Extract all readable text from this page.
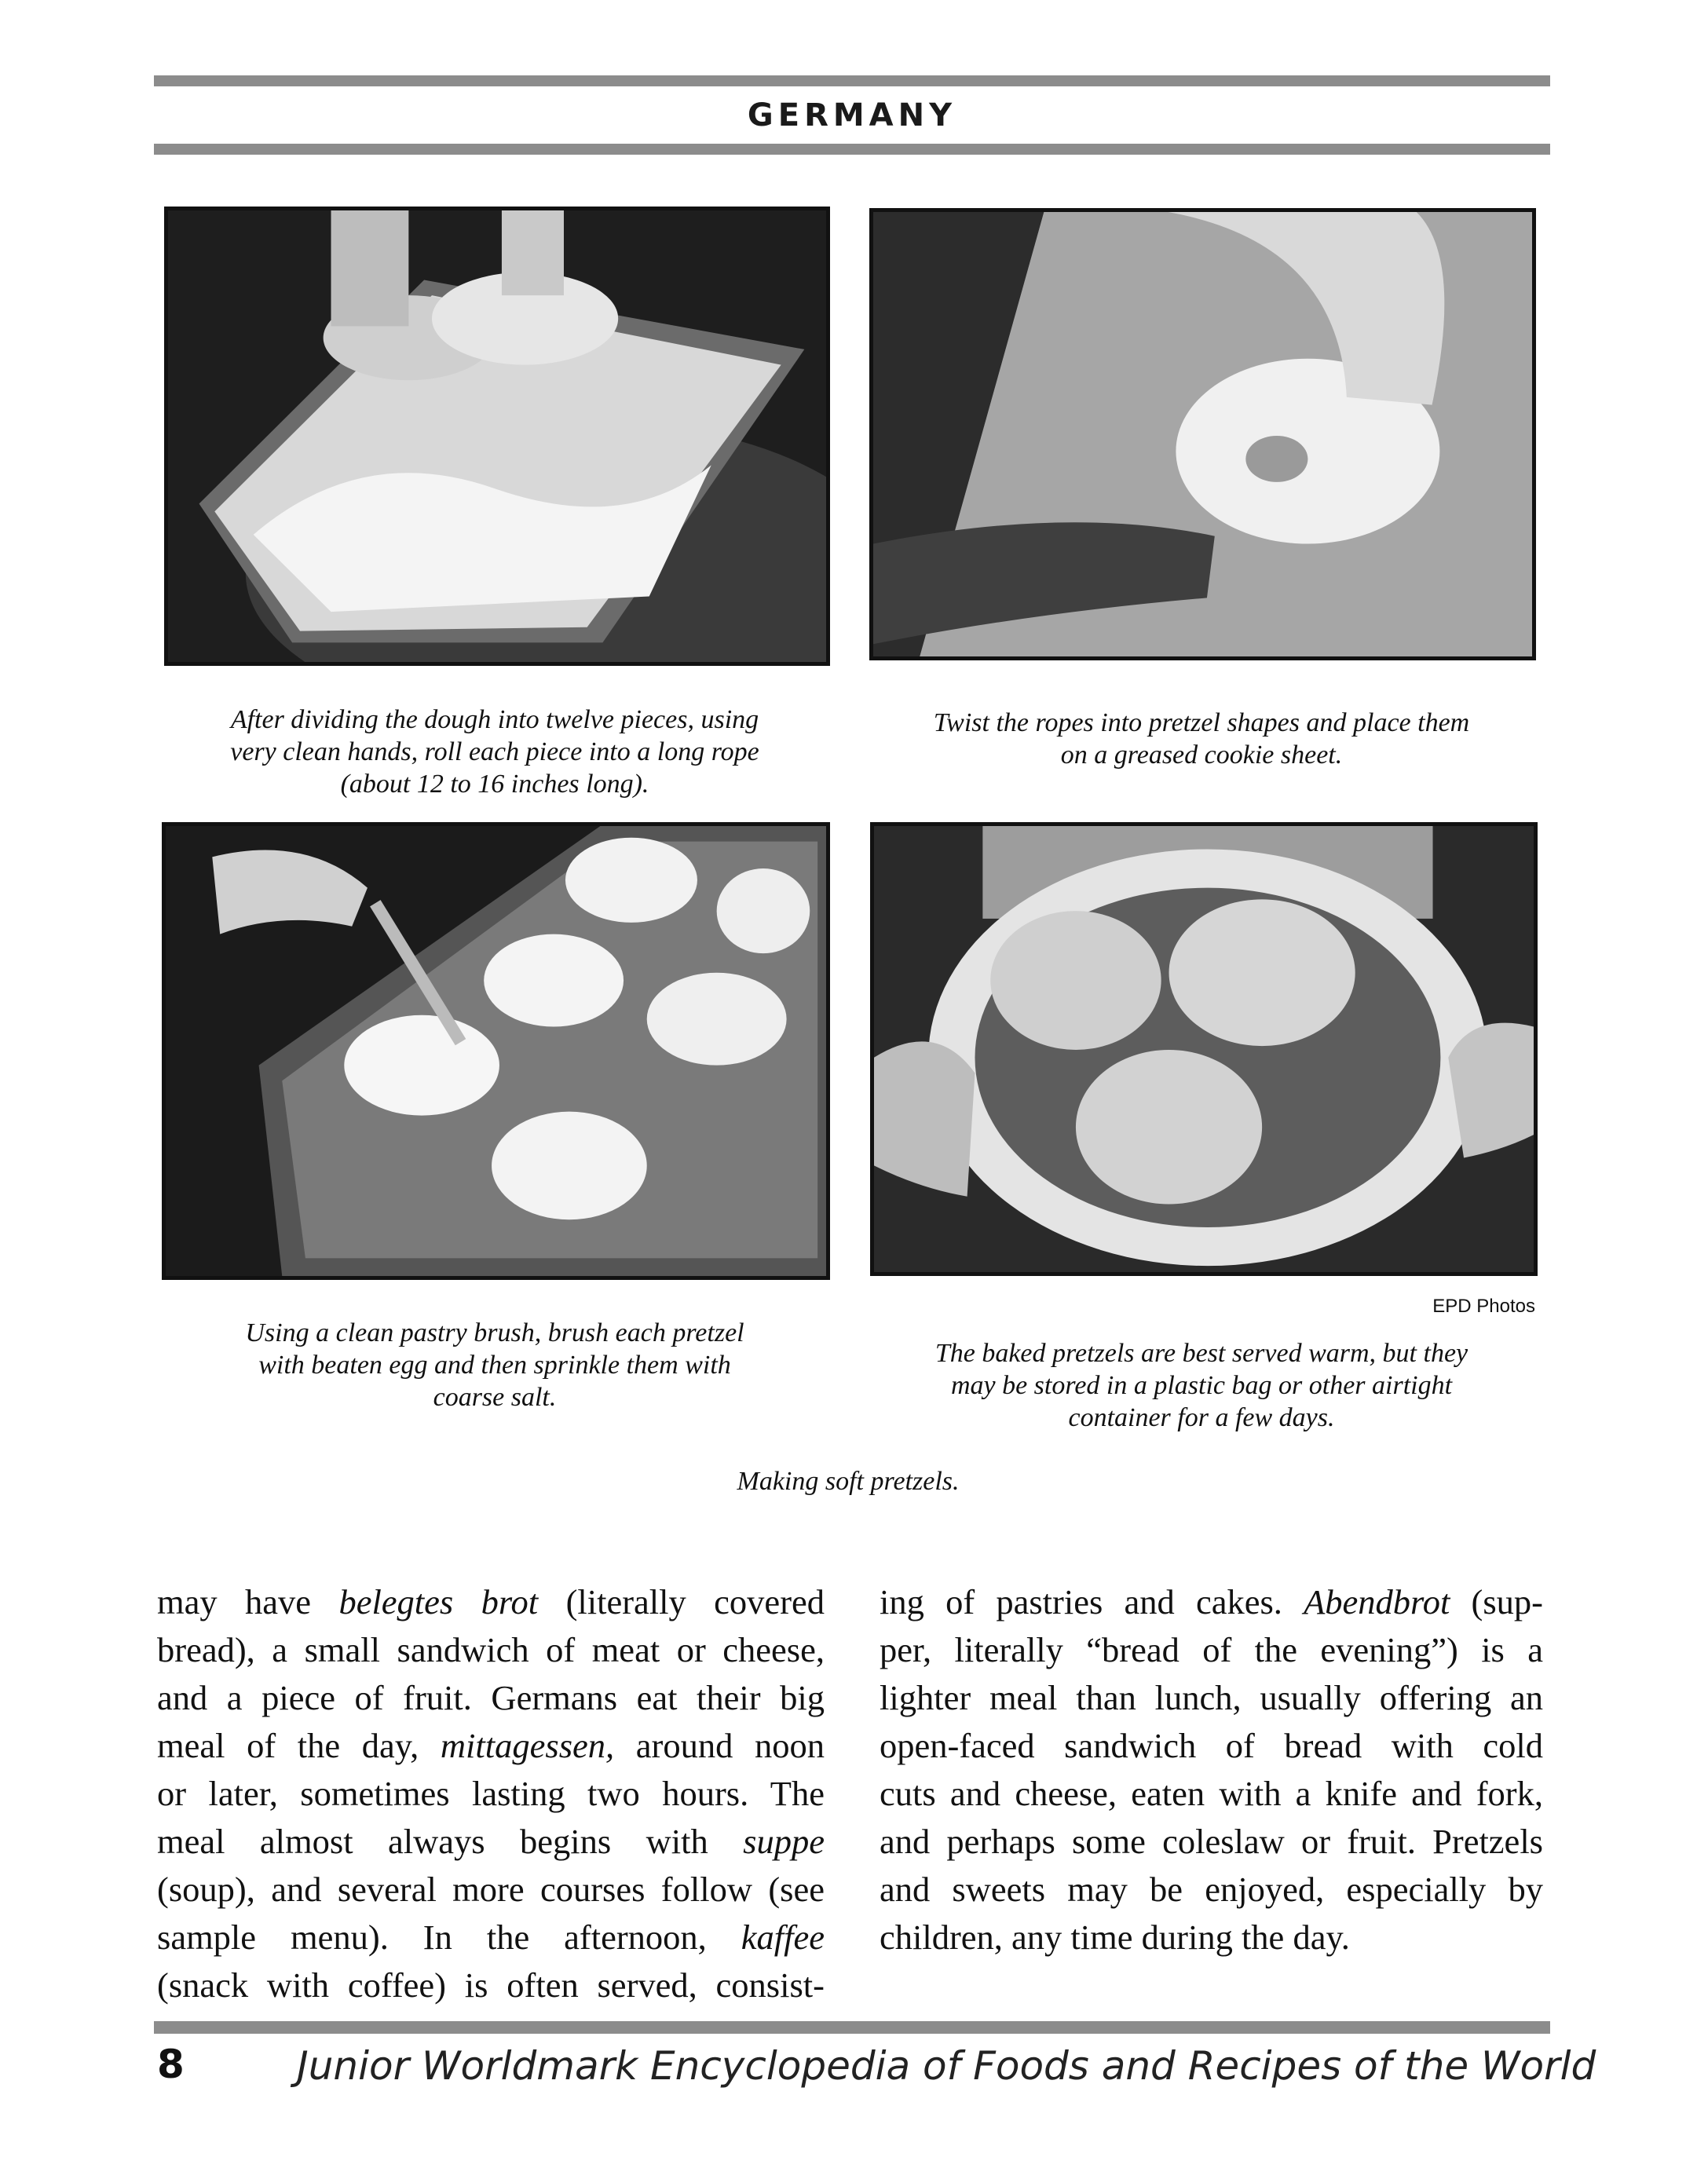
GERMANY
After dividing the dough into twelve pieces, using
very clean hands, roll each piece into a long rope
(about 12 to 16 inches long).
Twist the ropes into pretzel shapes and place them
on a greased cookie sheet.
Using a clean pastry brush, brush each pretzel
with beaten egg and then sprinkle them with
coarse salt.
EPD Photos
The baked pretzels are best served warm, but they
may be stored in a plastic bag or other airtight
container for a few days.
Making soft pretzels.
may have belegtes brot (literally covered
bread), a small sandwich of meat or cheese,
and a piece of fruit. Germans eat their big
meal of the day, mittagessen, around noon
or later, sometimes lasting two hours. The
meal almost always begins with suppe
(soup), and several more courses follow (see
sample menu). In the afternoon, kaffee
(snack with coffee) is often served, consist-
ing of pastries and cakes. Abendbrot (sup-
per, literally “bread of the evening”) is a
lighter meal than lunch, usually offering an
open-faced sandwich of bread with cold
cuts and cheese, eaten with a knife and fork,
and perhaps some coleslaw or fruit. Pretzels
and sweets may be enjoyed, especially by
children, any time during the day.
8	Junior Worldmark Encyclopedia of Foods and Recipes of the World
